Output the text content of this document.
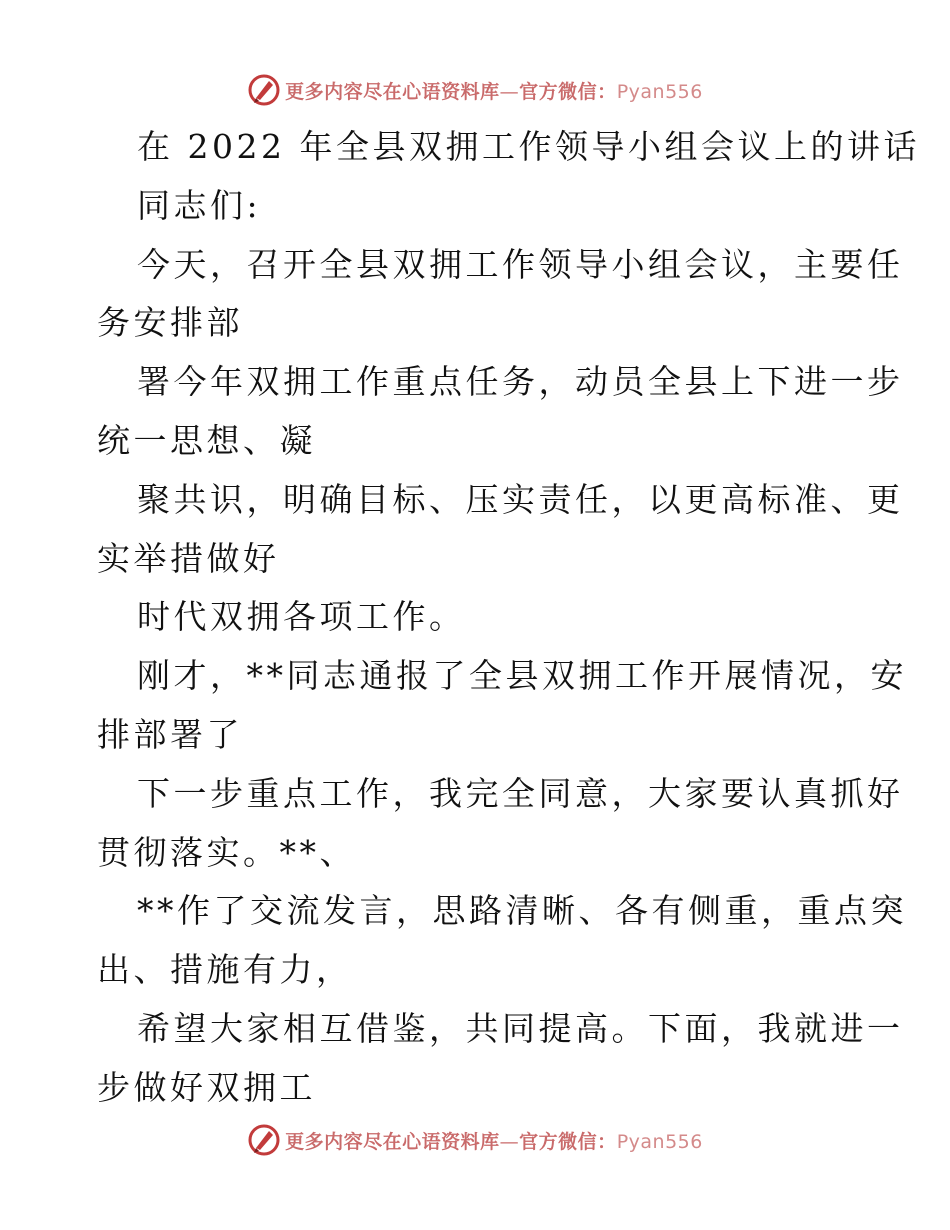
更多内容尽在心语资料库—官方微信：Pyan556
在 2022 年全县双拥工作领导小组会议上的讲话
同志们:
今天，召开全县双拥工作领导小组会议，主要任
务安排部
署今年双拥工作重点任务，动员全县上下进一步
统一思想、凝
聚共识，明确目标、压实责任，以更高标准、更
实举措做好
时代双拥各项工作。
刚才，**同志通报了全县双拥工作开展情况，安
排部署了
下一步重点工作，我完全同意，大家要认真抓好
贯彻落实。**、
**作了交流发言，思路清晰、各有侧重，重点突
出、措施有力，
希望大家相互借鉴，共同提高。下面，我就进一
步做好双拥工
更多内容尽在心语资料库—官方微信：Pyan556
